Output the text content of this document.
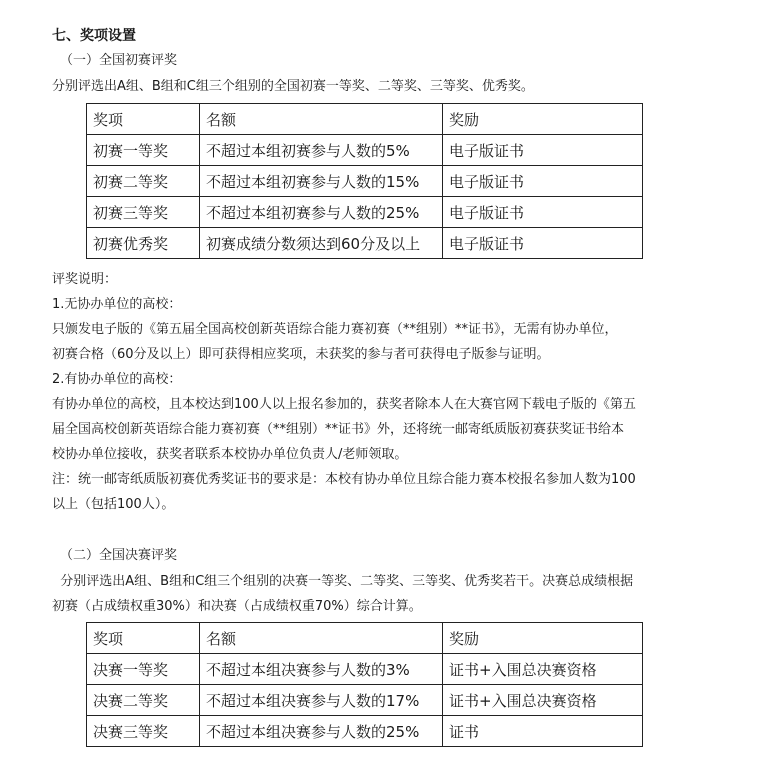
七、奖项设置
（一）全国初赛评奖
分别评选出A组、B组和C组三个组别的全国初赛一等奖、二等奖、三等奖、优秀奖。
奖项	名额	奖励
初赛一等奖	不超过本组初赛参与人数的5%	电子版证书
初赛二等奖	不超过本组初赛参与人数的15%	电子版证书
初赛三等奖	不超过本组初赛参与人数的25%	电子版证书
初赛优秀奖	初赛成绩分数须达到60分及以上	电子版证书
评奖说明：
1.无协办单位的高校：
只颁发电子版的《第五届全国高校创新英语综合能力赛初赛（**组别）**证书》，无需有协办单位，
初赛合格（60分及以上）即可获得相应奖项，未获奖的参与者可获得电子版参与证明。
2.有协办单位的高校：
有协办单位的高校，且本校达到100人以上报名参加的，获奖者除本人在大赛官网下载电子版的《第五
届全国高校创新英语综合能力赛初赛（**组别）**证书》外，还将统一邮寄纸质版初赛获奖证书给本
校协办单位接收，获奖者联系本校协办单位负责人/老师领取。
注：统一邮寄纸质版初赛优秀奖证书的要求是：本校有协办单位且综合能力赛本校报名参加人数为100
以上（包括100人）。
（二）全国决赛评奖
分别评选出A组、B组和C组三个组别的决赛一等奖、二等奖、三等奖、优秀奖若干。决赛总成绩根据
初赛（占成绩权重30%）和决赛（占成绩权重70%）综合计算。
奖项	名额	奖励
决赛一等奖	不超过本组决赛参与人数的3%	证书+入围总决赛资格
决赛二等奖	不超过本组决赛参与人数的17%	证书+入围总决赛资格
决赛三等奖	不超过本组决赛参与人数的25%	证书
